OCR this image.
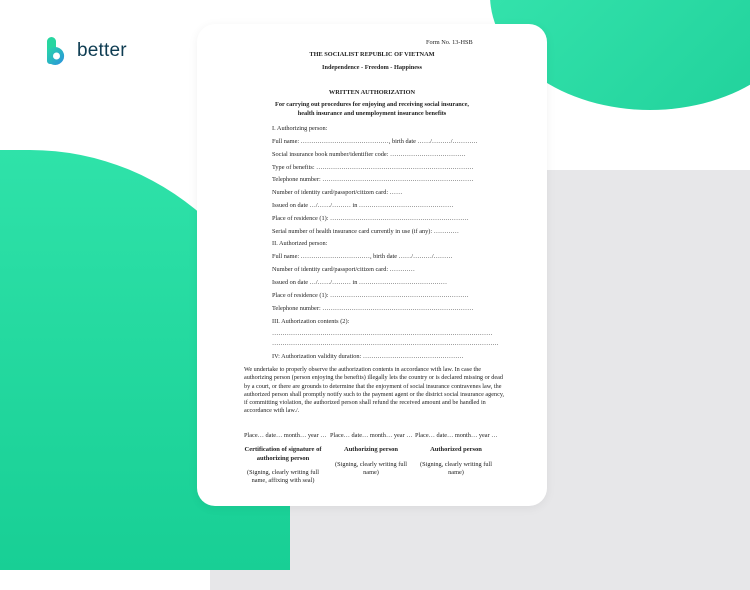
better	Form No. 13-HSB
THE SOCIALIST REPUBLIC OF VIETNAM
Independence - Freedom - Happiness
WRITTEN AUTHORIZATION
For carrying out procedures for enjoying and receiving social insurance,
health insurance and unemployment insurance benefits
I. Authorizing person:
Full name: ……………………………………, birth date ……/………/…………
Social insurance book number/identifier code: ………………………………
Type of benefits: …………………………………………………………………
Telephone number: ………………………………………………………………
Number of identity card/passport/citizen card: ……
Issued on date …/……/……… in ………………………………………
Place of residence (1): …………………………………………………………
Serial number of health insurance card currently in use (if any): …………
II. Authorized person:
Full name: ……………………………, birth date ……/………/………
Number of identity card/passport/citizen card: …………
Issued on date …/……/……… in ……………………………………
Place of residence (1): …………………………………………………………
Telephone number: ………………………………………………………………
III. Authorization contents (2):
……………………………………………………………………………………………
………………………………………………………………………………………………
IV: Authorization validity duration: …………………………………………
We undertake to properly observe the authorization contents in accordance with law. In case the authorizing person (person enjoying the benefits) illegally lets the country or is declared missing or dead by a court, or there are grounds to determine that the enjoyment of social insurance contravenes law, the authorized person shall promptly notify such to the payment agent or the district social insurance agency, if committing violation, the authorized person shall refund the received amount and be handled in accordance with law./.
Place… date… month… year … Place… date… month… year … Place… date… month… year …
Certification of signature of authorizing person
(Signing, clearly writing full name, affixing with seal)
Authorizing person
(Signing, clearly writing full name)
Authorized person
(Signing, clearly writing full name)
